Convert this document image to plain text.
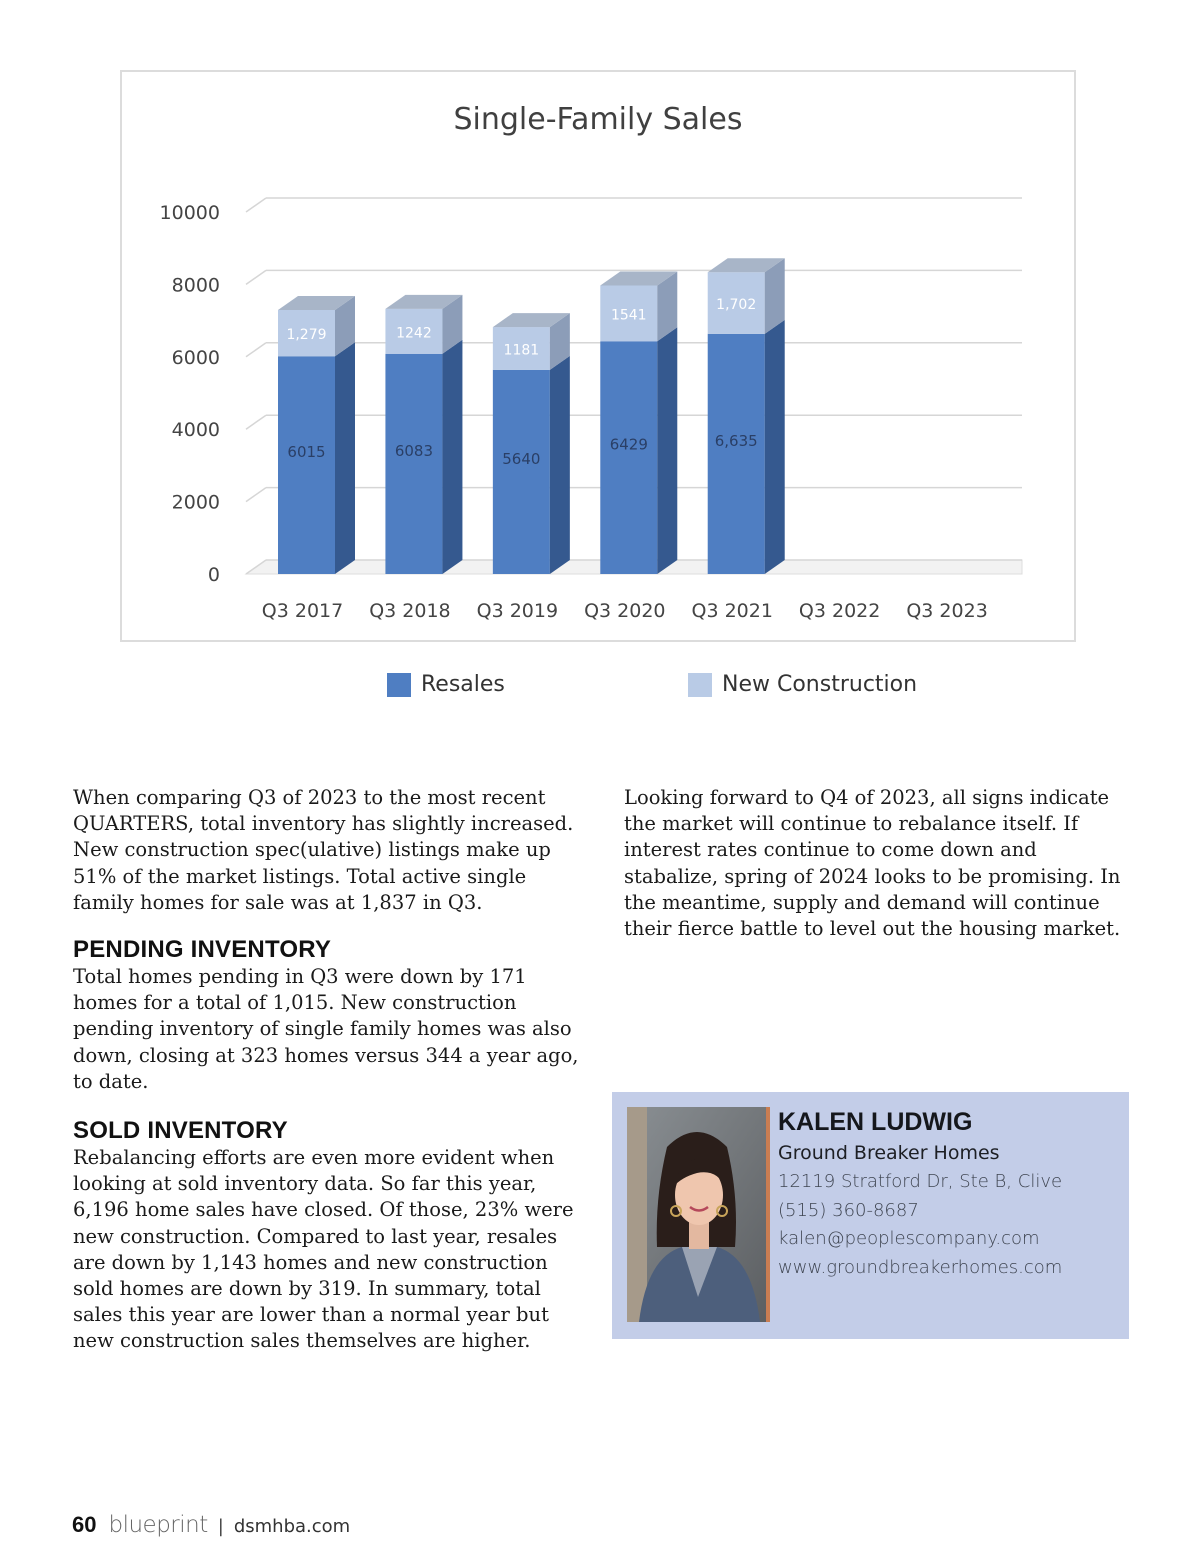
Single-Family Sales
0
2000
4000
6000
8000
10000
6015
1,279
Q3 2017
6083
1242
Q3 2018
5640
1181
Q3 2019
6429
1541
Q3 2020
6,635
1,702
Q3 2021 Q3 2022 Q3 2023
Resales	New Construction

When comparing Q3 of 2023 to the most recent QUARTERS, total inventory has slightly increased. New construction spec(ulative) listings make up 51% of the market listings. Total active single family homes for sale was at 1,837 in Q3.

PENDING INVENTORY

Total homes pending in Q3 were down by 171 homes for a total of 1,015. New construction pending inventory of single family homes was also down, closing at 323 homes versus 344 a year ago, to date.

SOLD INVENTORY

Rebalancing efforts are even more evident when looking at sold inventory data. So far this year, 6,196 home sales have closed. Of those, 23% were new construction. Compared to last year, resales are down by 1,143 homes and new construction sold homes are down by 319. In summary, total sales this year are lower than a normal year but new construction sales themselves are higher.

Looking forward to Q4 of 2023, all signs indicate the market will continue to rebalance itself. If interest rates continue to come down and stabalize, spring of 2024 looks to be promising. In the meantime, supply and demand will continue their fierce battle to level out the housing market.

KALEN LUDWIG
Ground Breaker Homes
12119 Stratford Dr, Ste B, Clive
(515) 360-8687
kalen@peoplescompany.com
www.groundbreakerhomes.com
60 blueprint | dsmhba.com
